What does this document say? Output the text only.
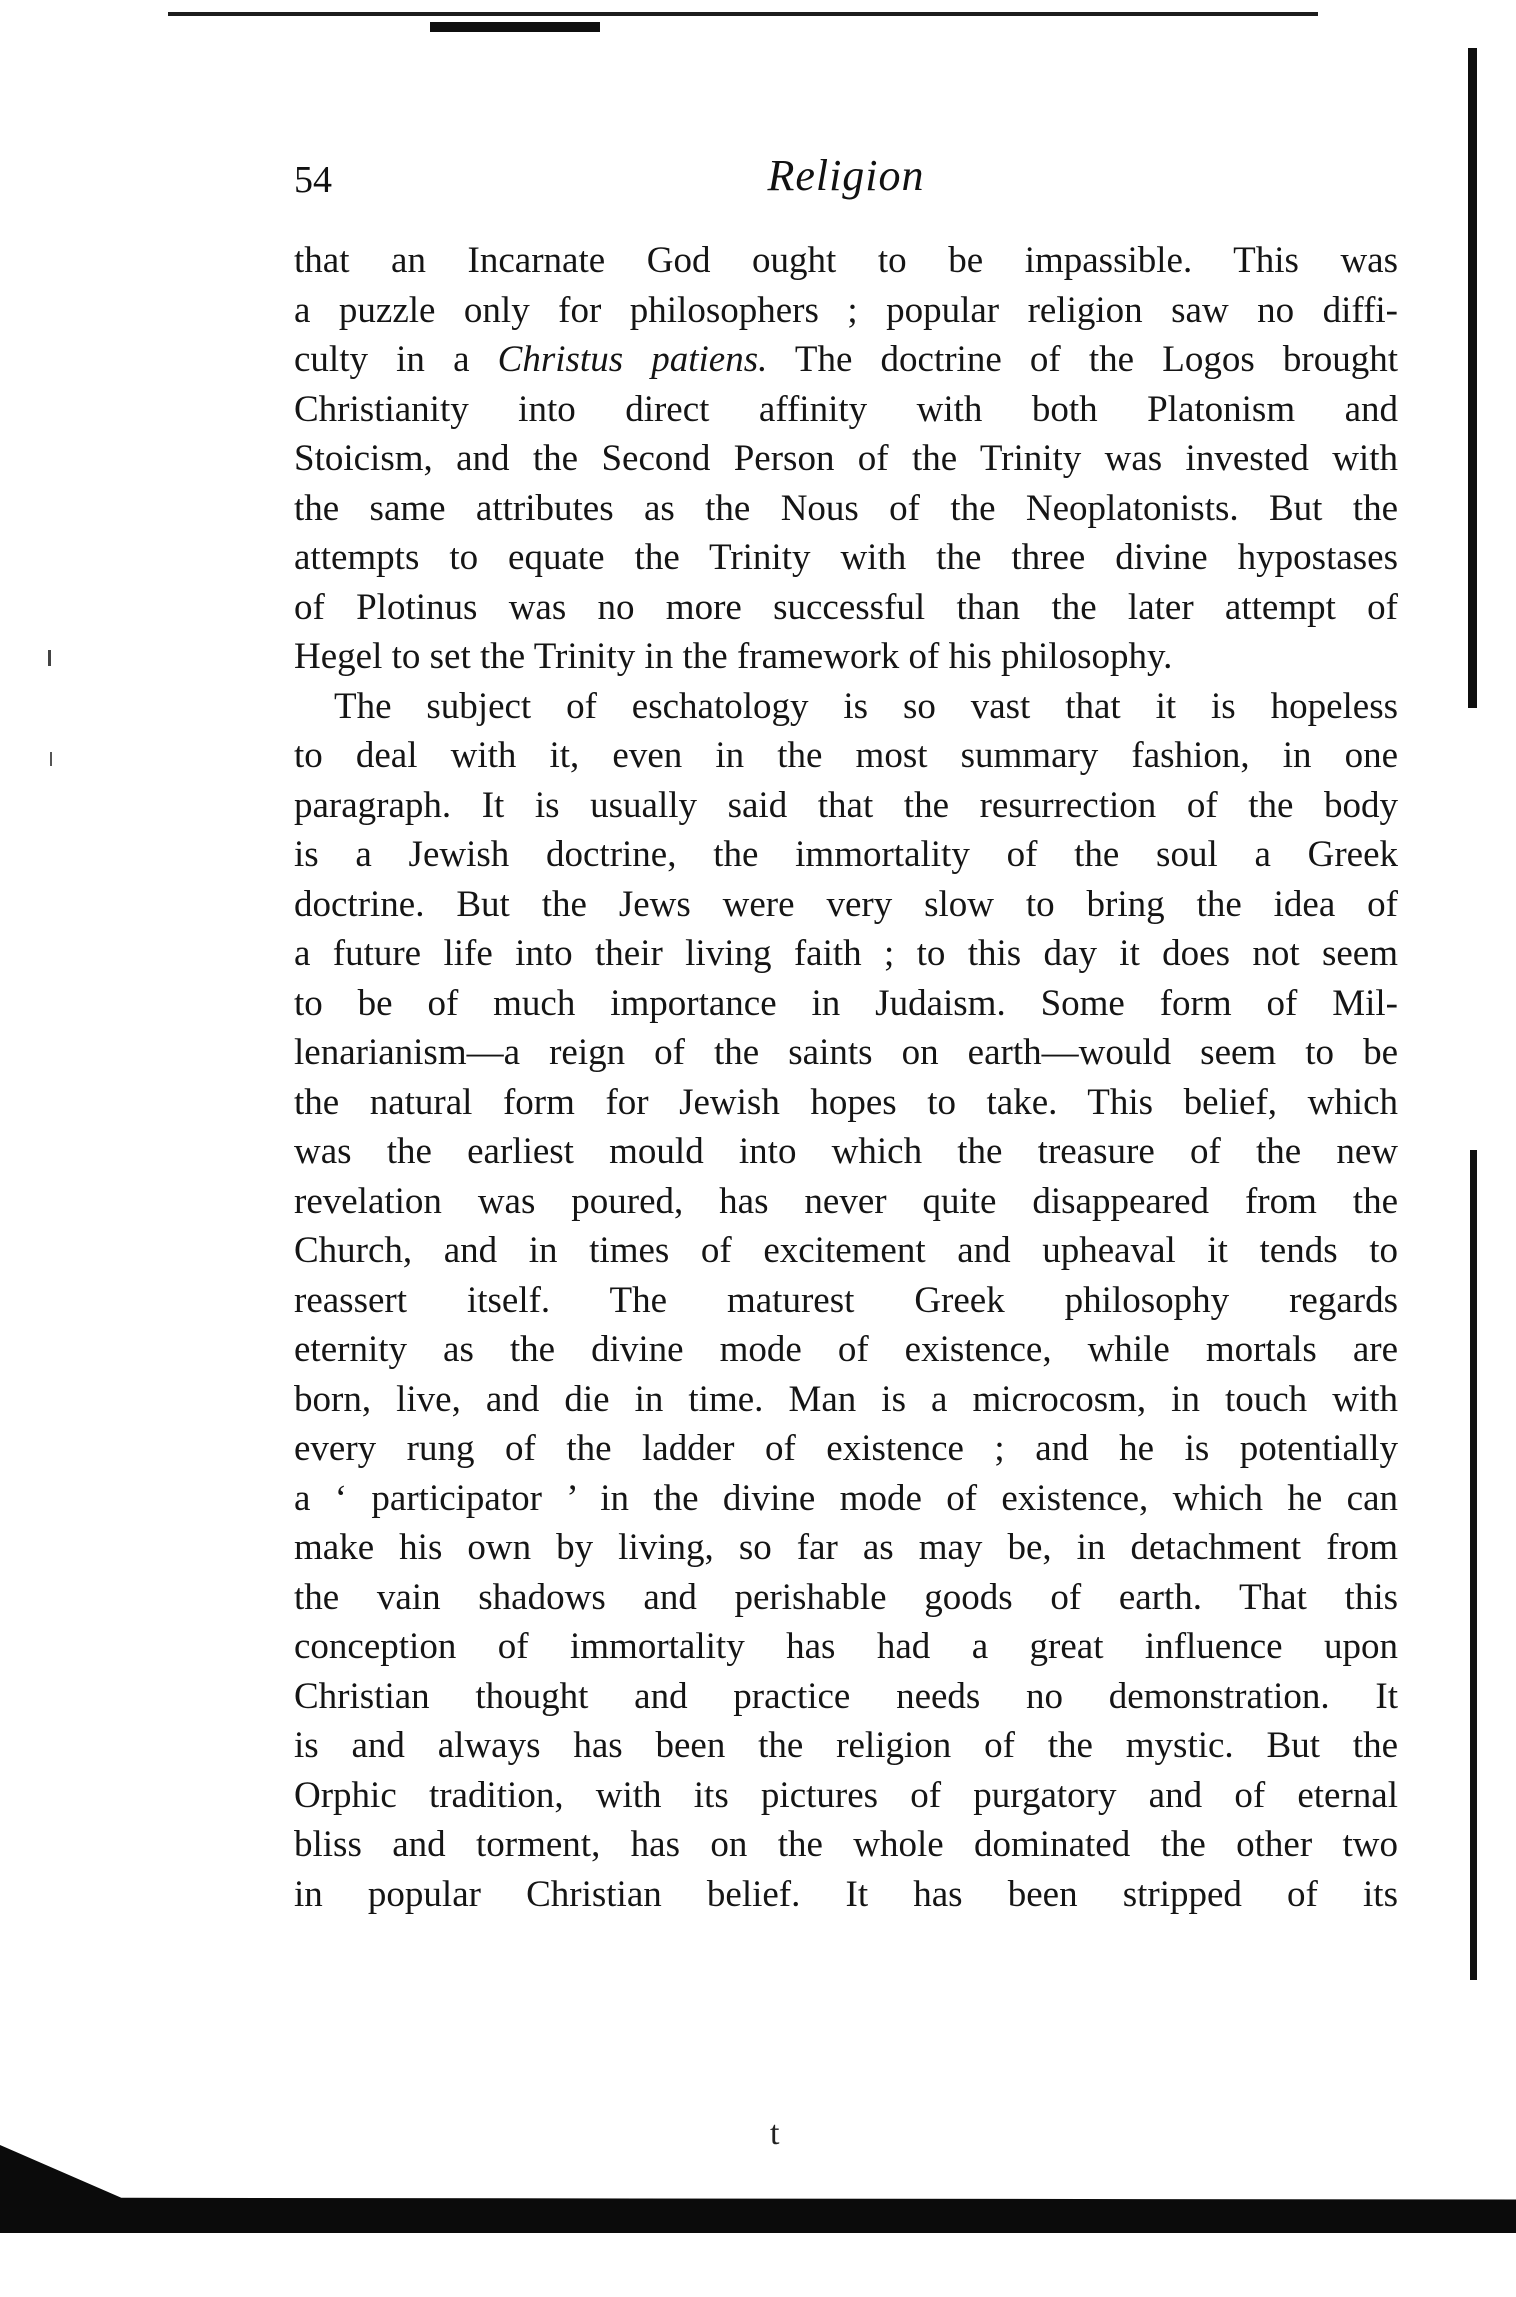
54	Religion
that an Incarnate God ought to be impassible. This was
a puzzle only for philosophers ; popular religion saw no diffi-
culty in a Christus patiens. The doctrine of the Logos brought
Christianity into direct affinity with both Platonism and
Stoicism, and the Second Person of the Trinity was invested with
the same attributes as the Nous of the Neoplatonists. But the
attempts to equate the Trinity with the three divine hypostases
of Plotinus was no more successful than the later attempt of
Hegel to set the Trinity in the framework of his philosophy.
The subject of eschatology is so vast that it is hopeless
to deal with it, even in the most summary fashion, in one
paragraph. It is usually said that the resurrection of the body
is a Jewish doctrine, the immortality of the soul a Greek
doctrine. But the Jews were very slow to bring the idea of
a future life into their living faith ; to this day it does not seem
to be of much importance in Judaism. Some form of Mil-
lenarianism—a reign of the saints on earth—would seem to be
the natural form for Jewish hopes to take. This belief, which
was the earliest mould into which the treasure of the new
revelation was poured, has never quite disappeared from the
Church, and in times of excitement and upheaval it tends to
reassert itself. The maturest Greek philosophy regards
eternity as the divine mode of existence, while mortals are
born, live, and die in time. Man is a microcosm, in touch with
every rung of the ladder of existence ; and he is potentially
a ‘ participator ’ in the divine mode of existence, which he can
make his own by living, so far as may be, in detachment from
the vain shadows and perishable goods of earth. That this
conception of immortality has had a great influence upon
Christian thought and practice needs no demonstration. It
is and always has been the religion of the mystic. But the
Orphic tradition, with its pictures of purgatory and of eternal
bliss and torment, has on the whole dominated the other two
in popular Christian belief. It has been stripped of its
t
